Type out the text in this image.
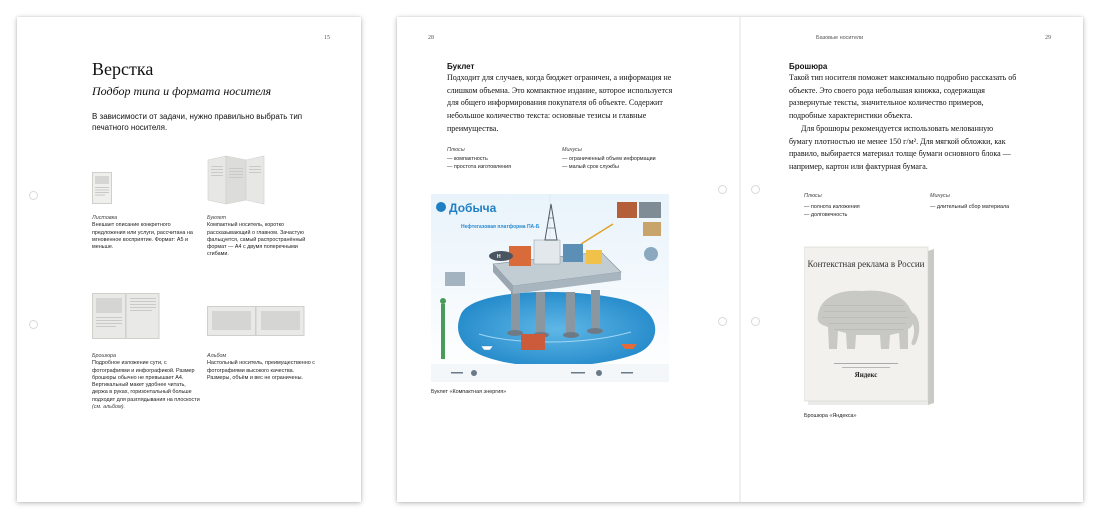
15
Верстка
Подбор типа и формата носителя
В зависимости от задачи, нужно правильно выбрать тип печатного носителя.
Листовка
Внешает описание конкретного предложения или услуги, рассчитана на мгновенное восприятие. Формат: А5 и меньше.
Буклет
Компактный носитель, коротко рассказывающий о главном. Зачастую фальцуется, самый распространённый формат — А4 с двумя поперечными сгибами.
Брошюра
Подробное изложение сути, с фотографиями и инфографикой. Размер брошюры обычно не превышает А4. Вертикальный макет удобнее читать, держа в руках, горизонтальный больше подходит для разглядывания на плоскости (см. альбом).
Альбом
Настольный носитель, преимущественно с фотографиями высокого качества. Размеры, объём и вес не ограничены.
28	Базовые носители	29
Буклет
Подходит для случаев, когда бюджет ограничен, а информация не слишком объемна. Это компактное издание, которое используется для общего информирования покупателя об объекте. Содержит небольшое количество текста: основные тезисы и главные преимущества.
Плюсы
— компактность
— простота изготовления
Минусы
— ограниченный объем информации
— малый срок службы
Добыча
Нефтегазовая платформа ПА-Б
H
Буклет «Компактная энергия»
Брошюра
Такой тип носителя поможет максимально подробно рассказать об объекте. Это своего рода небольшая книжка, содержащая развернутые тексты, значительное количество примеров, подробные характеристики объекта.
Для брошюры рекомендуется использовать мелованную бумагу плотностью не менее 150 г/м². Для мягкой обложки, как правило, выбирается материал толще бумаги основного блока — например, картон или фактурная бумага.
Плюсы
— полнота изложения
— долговечность
Минусы
— длительный сбор материала
Контекстная реклама в России
Яндекс
Брошюра «Яндекса»
